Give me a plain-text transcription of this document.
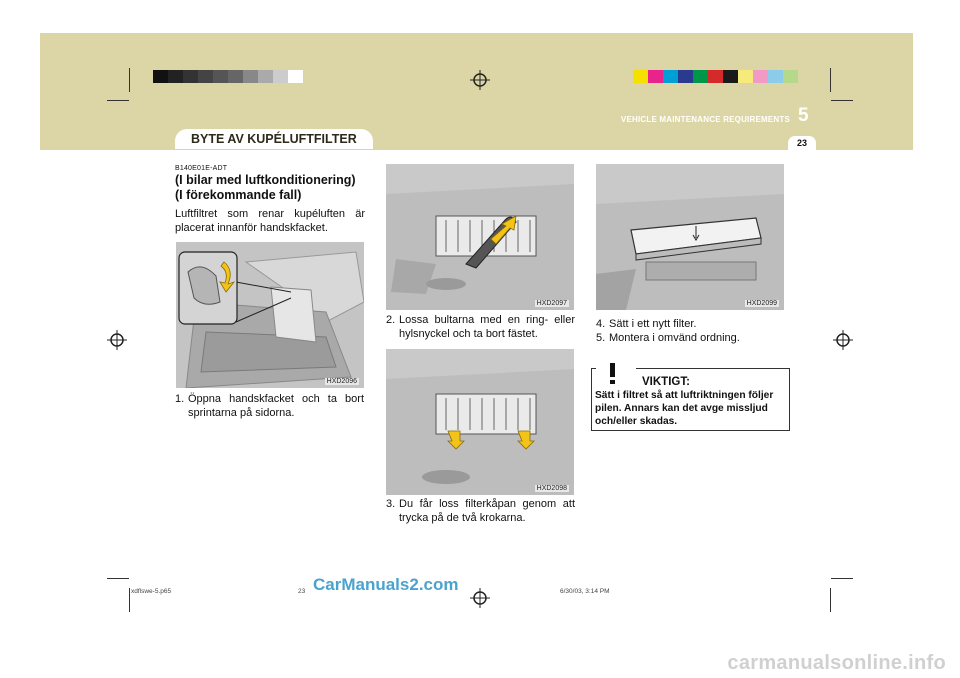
BYTE AV KUPÉLUFTFILTER
VEHICLE MAINTENANCE REQUIREMENTS 5
23
B140E01E-ADT
(I bilar med luftkonditionering)
(I förekommande fall)
Luftfiltret som renar kupéluften är placerat innanför handskfacket.
HXD2096
HXD2097
HXD2098
HXD2099
1. Öppna handskfacket och ta bort sprintarna på sidorna.
2. Lossa bultarna med en ring- eller hylsnyckel och ta bort fästet.
3. Du får loss filterkåpan genom att trycka på de två krokarna.
4. Sätt i ett nytt filter.
5. Montera i omvänd ordning.
VIKTIGT:
Sätt i filtret så att luftriktningen följer pilen. Annars kan det avge missljud och/eller skadas.
xdflswe-5.p65	23	6/30/03, 3:14 PM
CarManuals2.com
carmanualsonline.info
